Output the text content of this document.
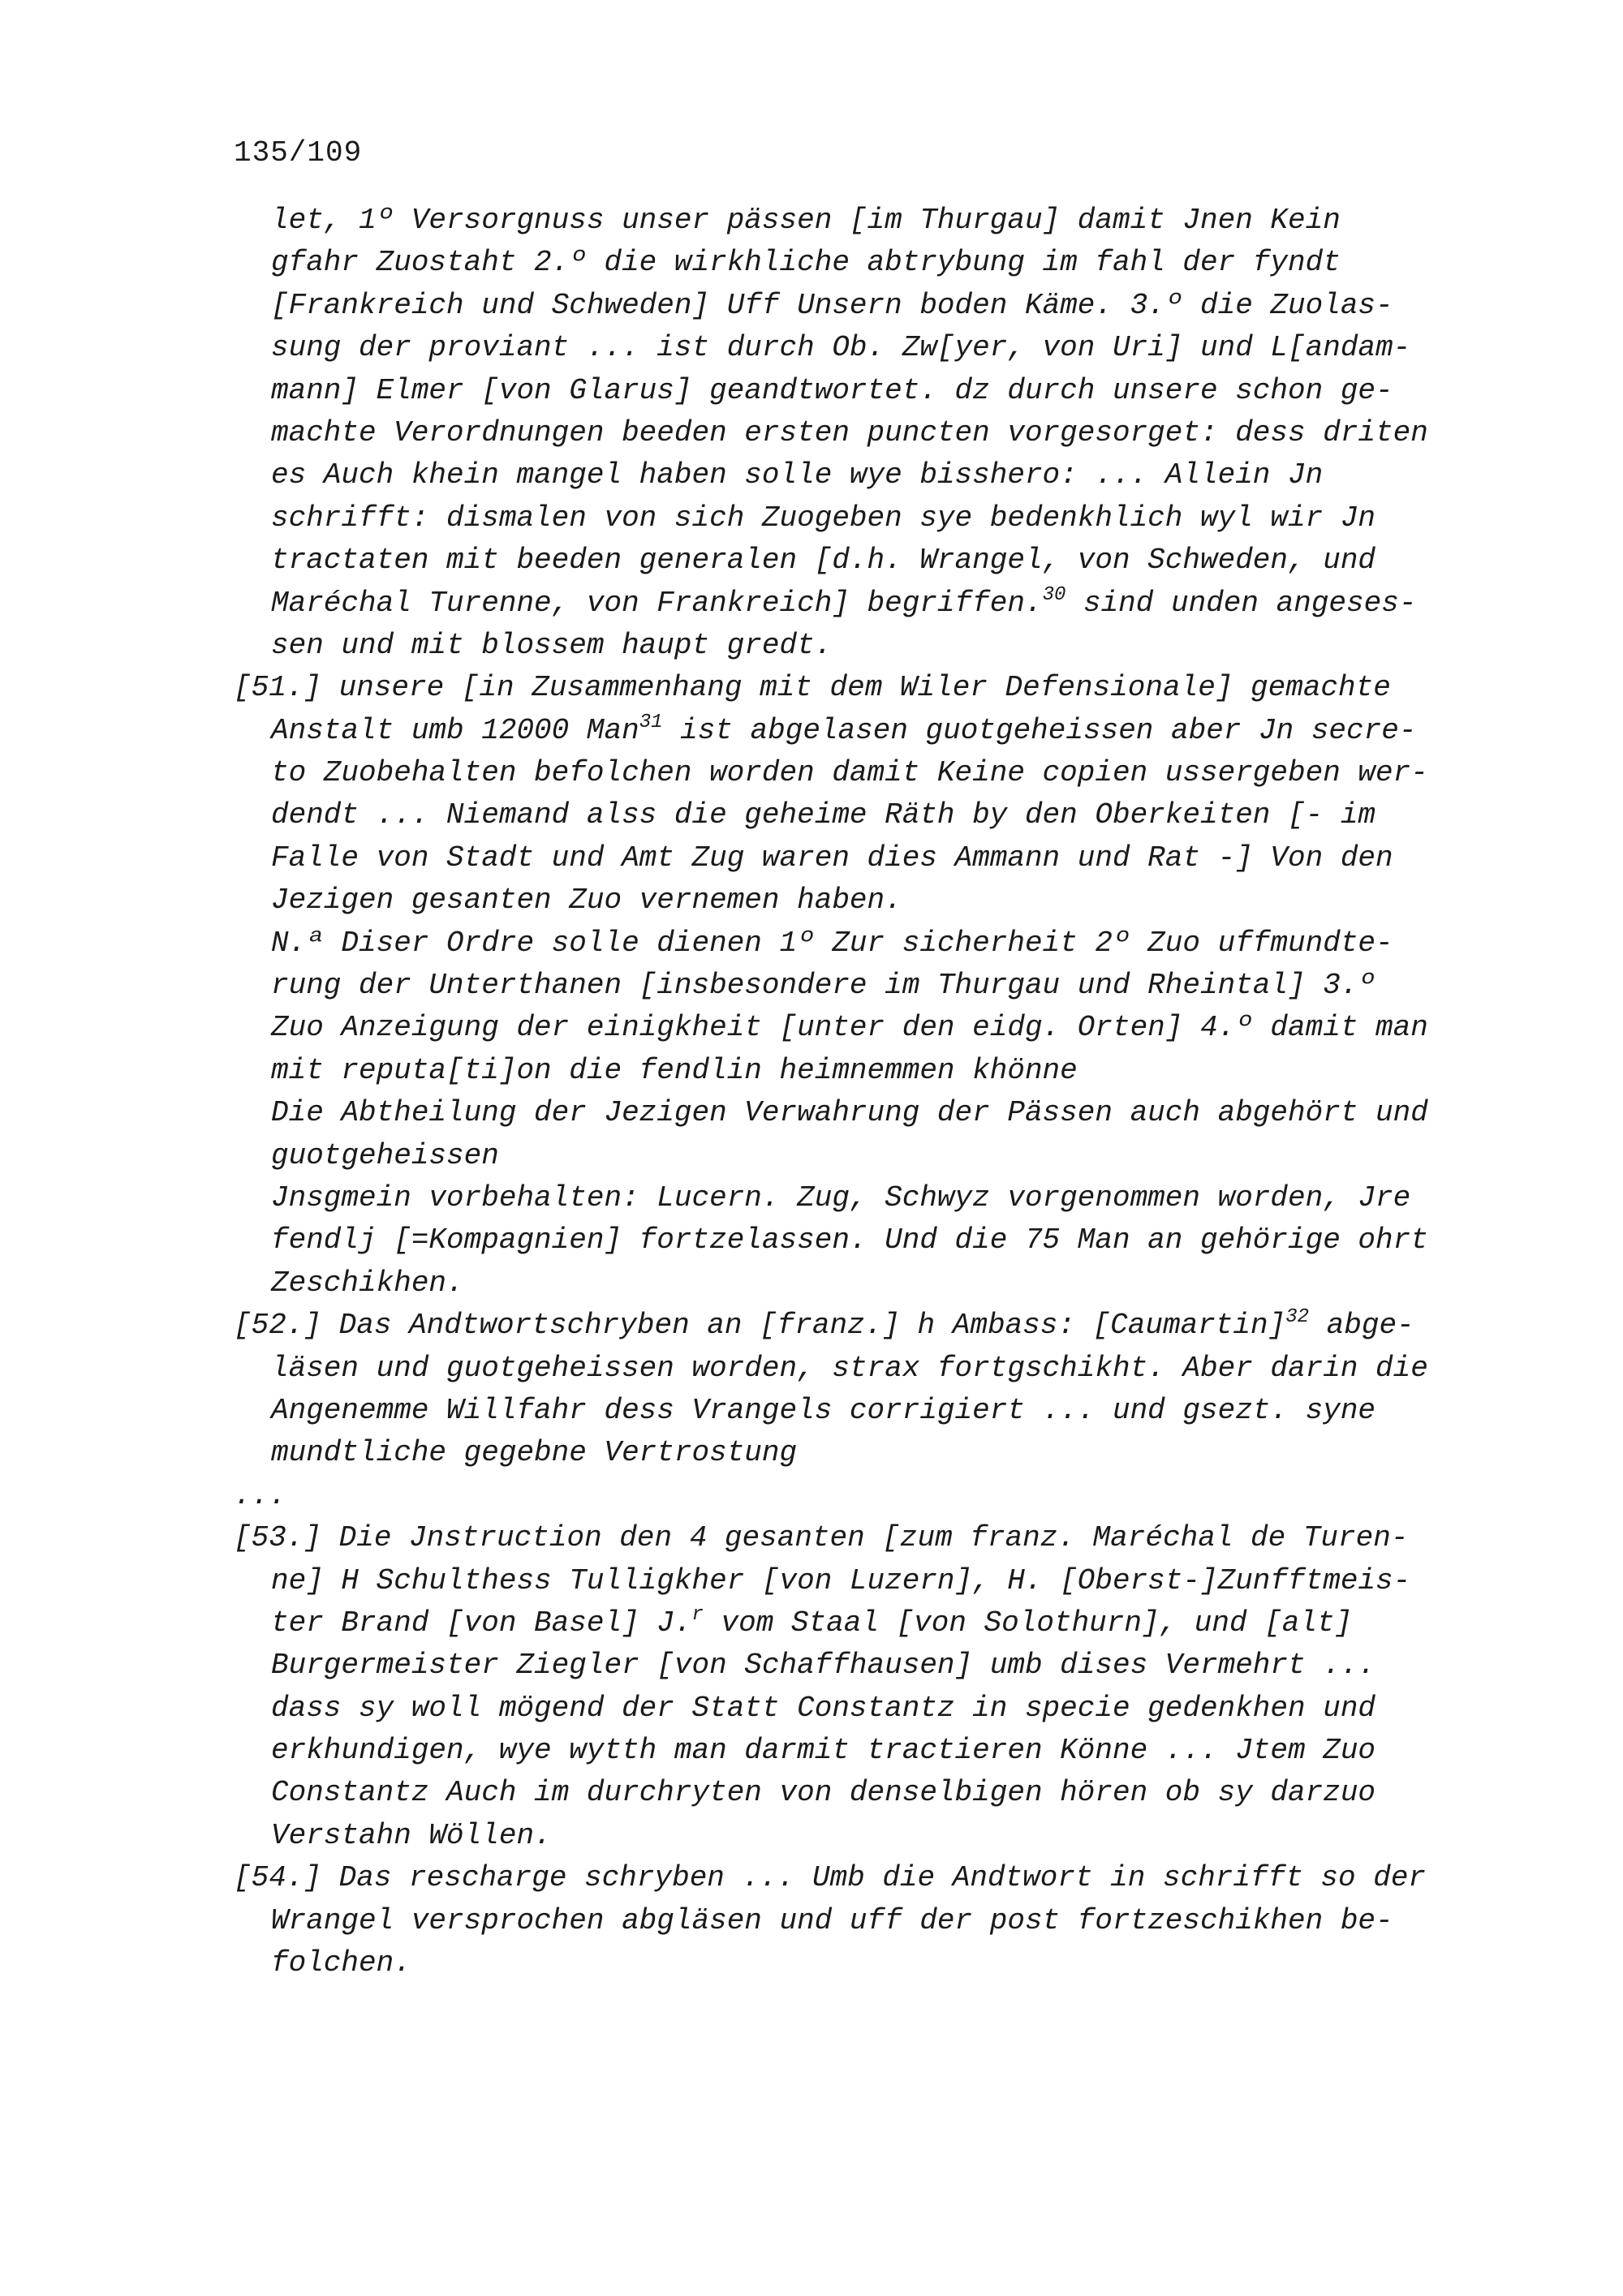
135/109
let, 1º Versorgnuss unser pässen [im Thurgau] damit Jnen Kein
gfahr Zuostaht 2.º die wirkhliche abtrybung im fahl der fyndt
[Frankreich und Schweden] Uff Unsern boden Käme. 3.º die Zuolas-
sung der proviant ... ist durch Ob. Zw[yer, von Uri] und L[andam-
mann] Elmer [von Glarus] geandtwortet. dz durch unsere schon ge-
machte Verordnungen beeden ersten puncten vorgesorget: dess driten
es Auch khein mangel haben solle wye bisshero: ... Allein Jn
schrifft: dismalen von sich Zuogeben sye bedenkhlich wyl wir Jn
tractaten mit beeden generalen [d.h. Wrangel, von Schweden, und
Maréchal Turenne, von Frankreich] begriffen.$^{30}$ sind unden angeses-
sen und mit blossem haupt gredt.
[51.] unsere [in Zusammenhang mit dem Wiler Defensionale] gemachte
Anstalt umb 12000 Man$^{31}$ ist abgelasen guotgeheissen aber Jn secre-
to Zuobehalten befolchen worden damit Keine copien ussergeben wer-
dendt ... Niemand alss die geheime Räth by den Oberkeiten [- im
Falle von Stadt und Amt Zug waren dies Ammann und Rat -] Von den
Jezigen gesanten Zuo vernemen haben.
N.ª Diser Ordre solle dienen 1º Zur sicherheit 2º Zuo uffmundte-
rung der Unterthanen [insbesondere im Thurgau und Rheintal] 3.º
Zuo Anzeigung der einigkheit [unter den eidg. Orten] 4.º damit man
mit reputa[ti]on die fendlin heimnemmen khönne
Die Abtheilung der Jezigen Verwahrung der Pässen auch abgehört und
guotgeheissen
Jnsgmein vorbehalten: Lucern. Zug, Schwyz vorgenommen worden, Jre
fendlj [=Kompagnien] fortzelassen. Und die 75 Man an gehörige ohrt
Zeschikhen.
[52.] Das Andtwortschryben an [franz.] h Ambass: [Caumartin]$^{32}$ abge-
läsen und guotgeheissen worden, strax fortgschikht. Aber darin die
Angenemme Willfahr dess Vrangels corrigiert ... und gsezt. syne
mundtliche gegebne Vertrostung
...
[53.] Die Jnstruction den 4 gesanten [zum franz. Maréchal de Turen-
ne] H Schulthess Tulligkher [von Luzern], H. [Oberst-]Zunfftmeis-
ter Brand [von Basel] J.$^r$ vom Staal [von Solothurn], und [alt]
Burgermeister Ziegler [von Schaffhausen] umb dises Vermehrt ...
dass sy woll mögend der Statt Constantz in specie gedenkhen und
erkhundigen, wye wytth man darmit tractieren Könne ... Jtem Zuo
Constantz Auch im durchryten von denselbigen hören ob sy darzuo
Verstahn Wöllen.
[54.] Das rescharge schryben ... Umb die Andtwort in schrifft so der
Wrangel versprochen abgläsen und uff der post fortzeschikhen be-
folchen.
